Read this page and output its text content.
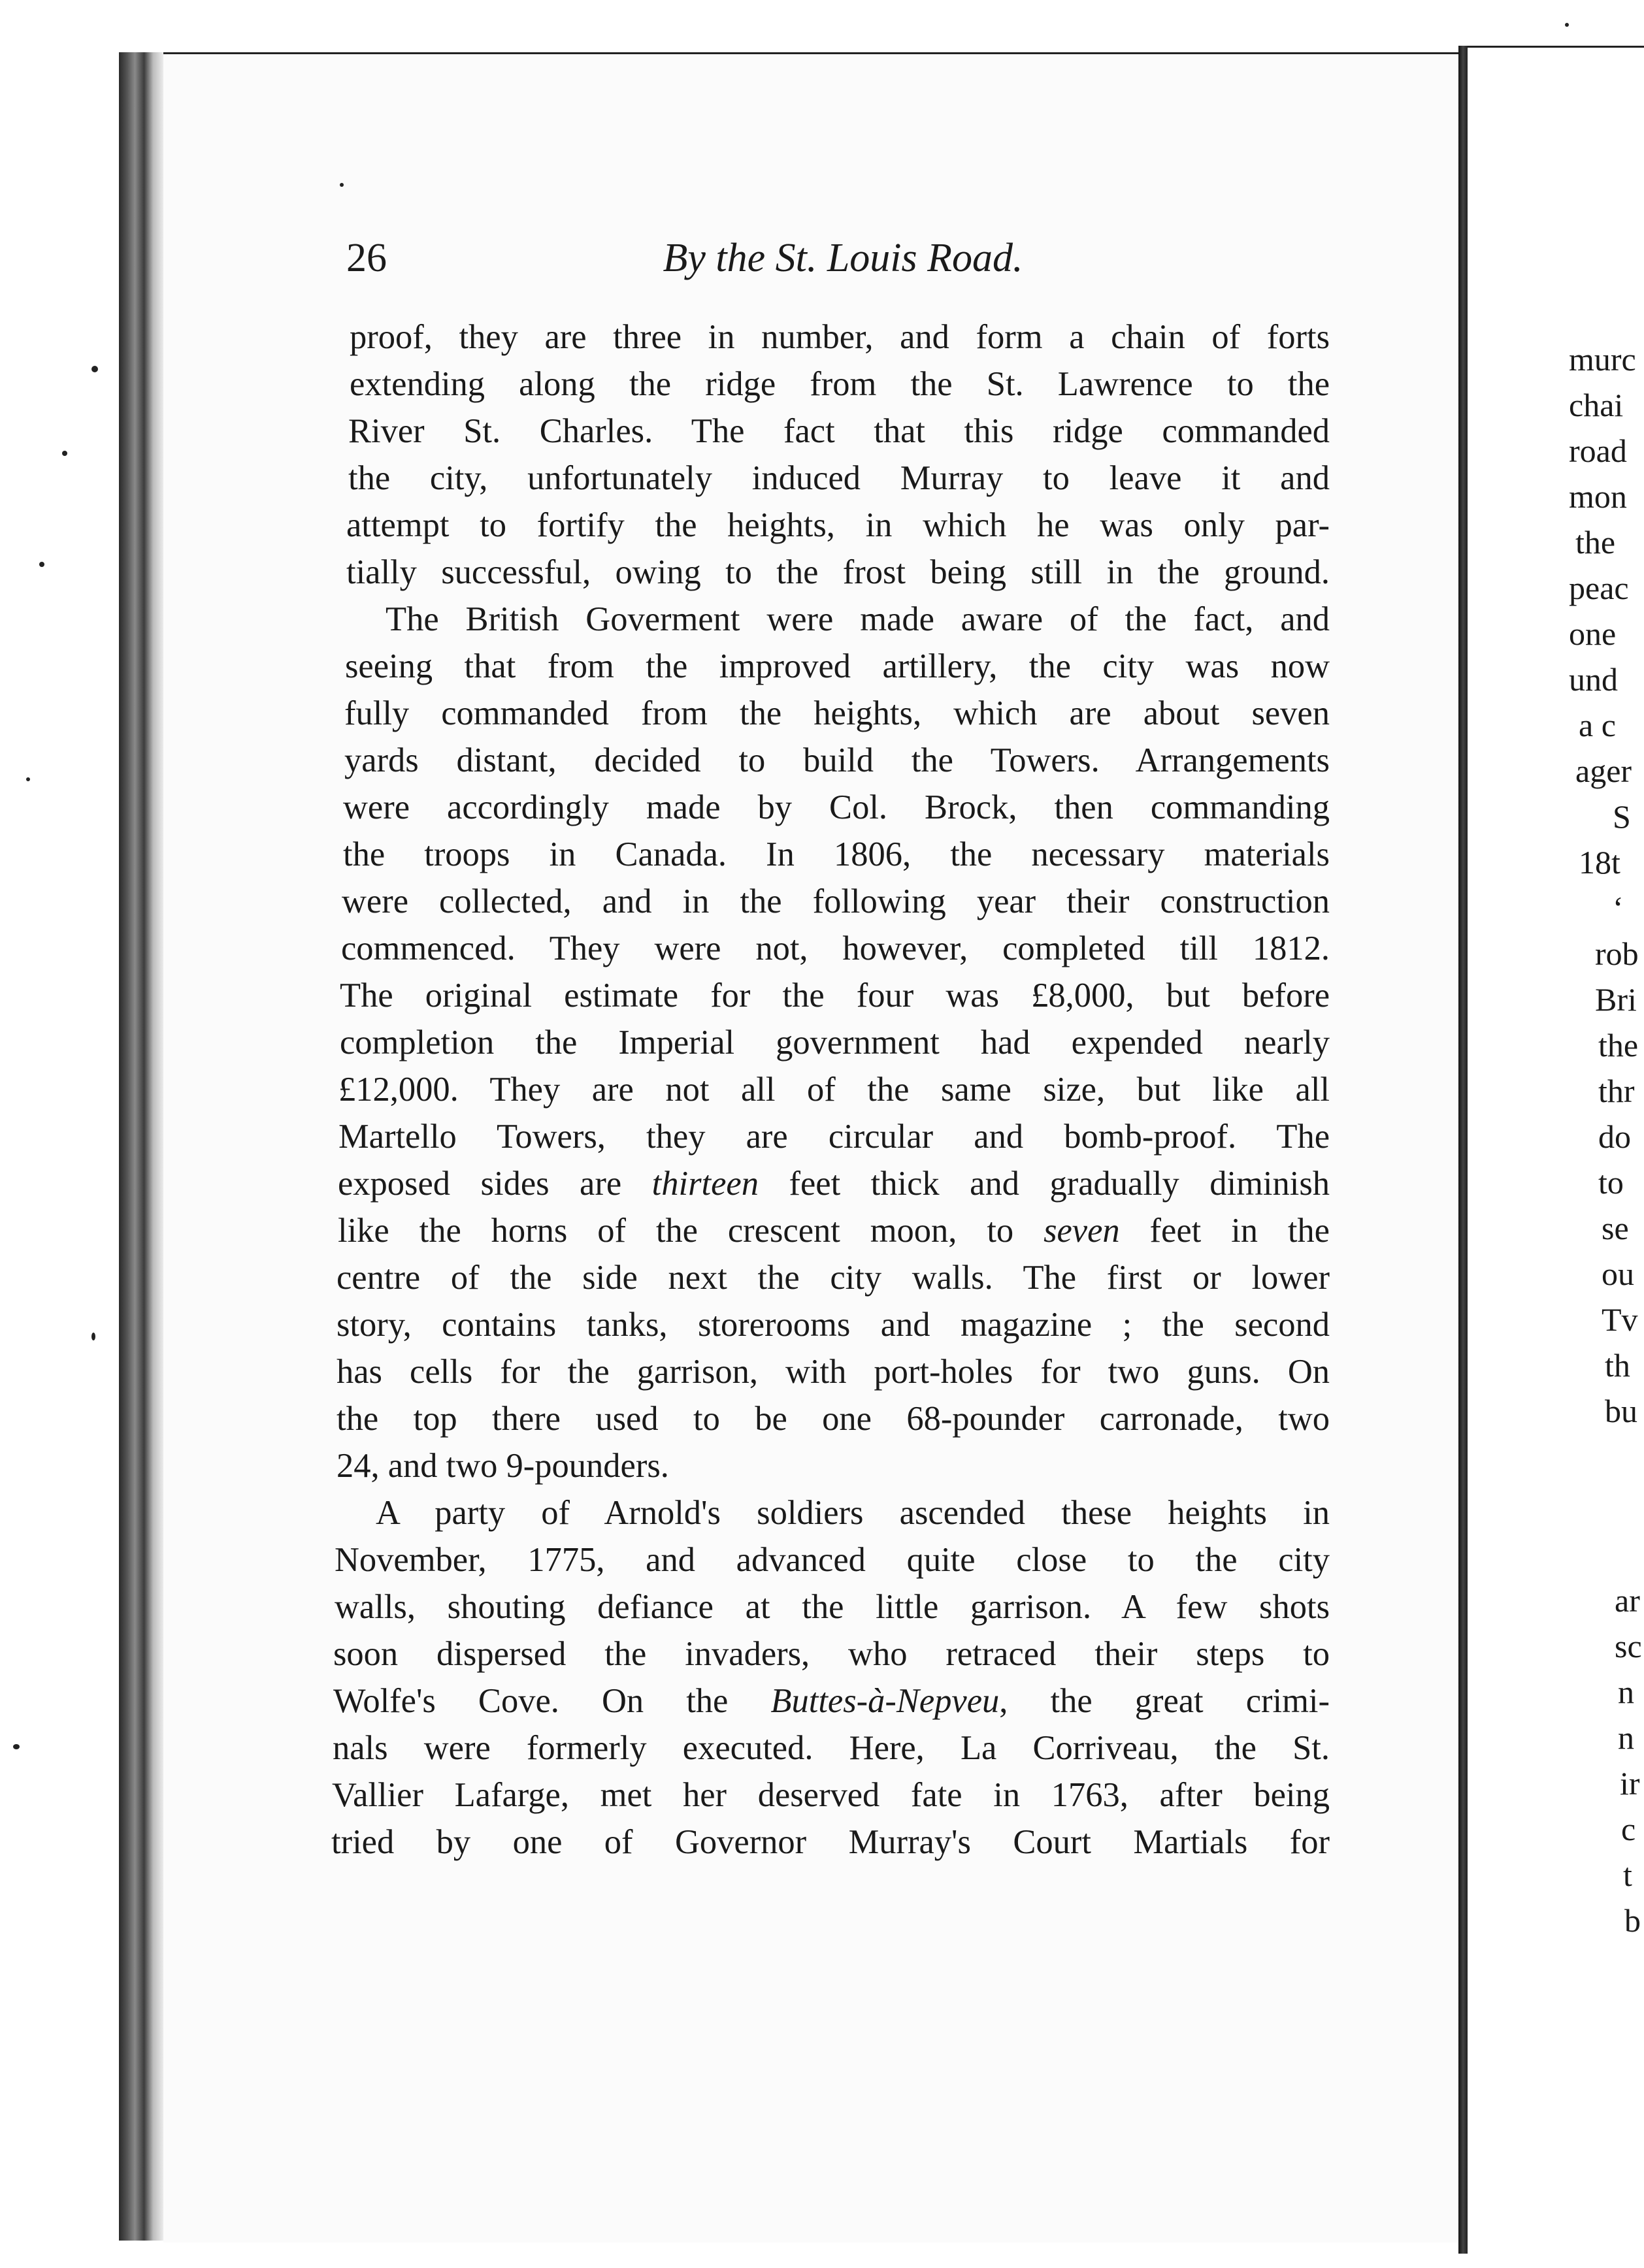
murc
chai
road
mon
the
peac
one
und
a c
ager
S
18t
‘
rob
Bri
the
thr
do
to
se
ou
Tv
th
bu
ar
sc
n
n
ir
c
t
b
26	By the St. Louis Road.
proof, they are three in number, and form a chain of forts
extending along the ridge from the St. Lawrence to the
River St. Charles. The fact that this ridge commanded
the city, unfortunately induced Murray to leave it and
attempt to fortify the heights, in which he was only par-
tially successful, owing to the frost being still in the ground.
The British Goverment were made aware of the fact, and
seeing that from the improved artillery, the city was now
fully commanded from the heights, which are about seven
yards distant, decided to build the Towers. Arrangements
were accordingly made by Col. Brock, then commanding
the troops in Canada. In 1806, the necessary materials
were collected, and in the following year their construction
commenced. They were not, however, completed till 1812.
The original estimate for the four was £8,000, but before
completion the Imperial government had expended nearly
£12,000. They are not all of the same size, but like all
Martello Towers, they are circular and bomb-proof. The
exposed sides are thirteen feet thick and gradually diminish
like the horns of the crescent moon, to seven feet in the
centre of the side next the city walls. The first or lower
story, contains tanks, storerooms and magazine ; the second
has cells for the garrison, with port-holes for two guns. On
the top there used to be one 68-pounder carronade, two
24, and two 9-pounders.
A party of Arnold's soldiers ascended these heights in
November, 1775, and advanced quite close to the city
walls, shouting defiance at the little garrison. A few shots
soon dispersed the invaders, who retraced their steps to
Wolfe's Cove. On the Buttes-à-Nepveu, the great crimi-
nals were formerly executed. Here, La Corriveau, the St.
Vallier Lafarge, met her deserved fate in 1763, after being
tried by one of Governor Murray's Court Martials for
